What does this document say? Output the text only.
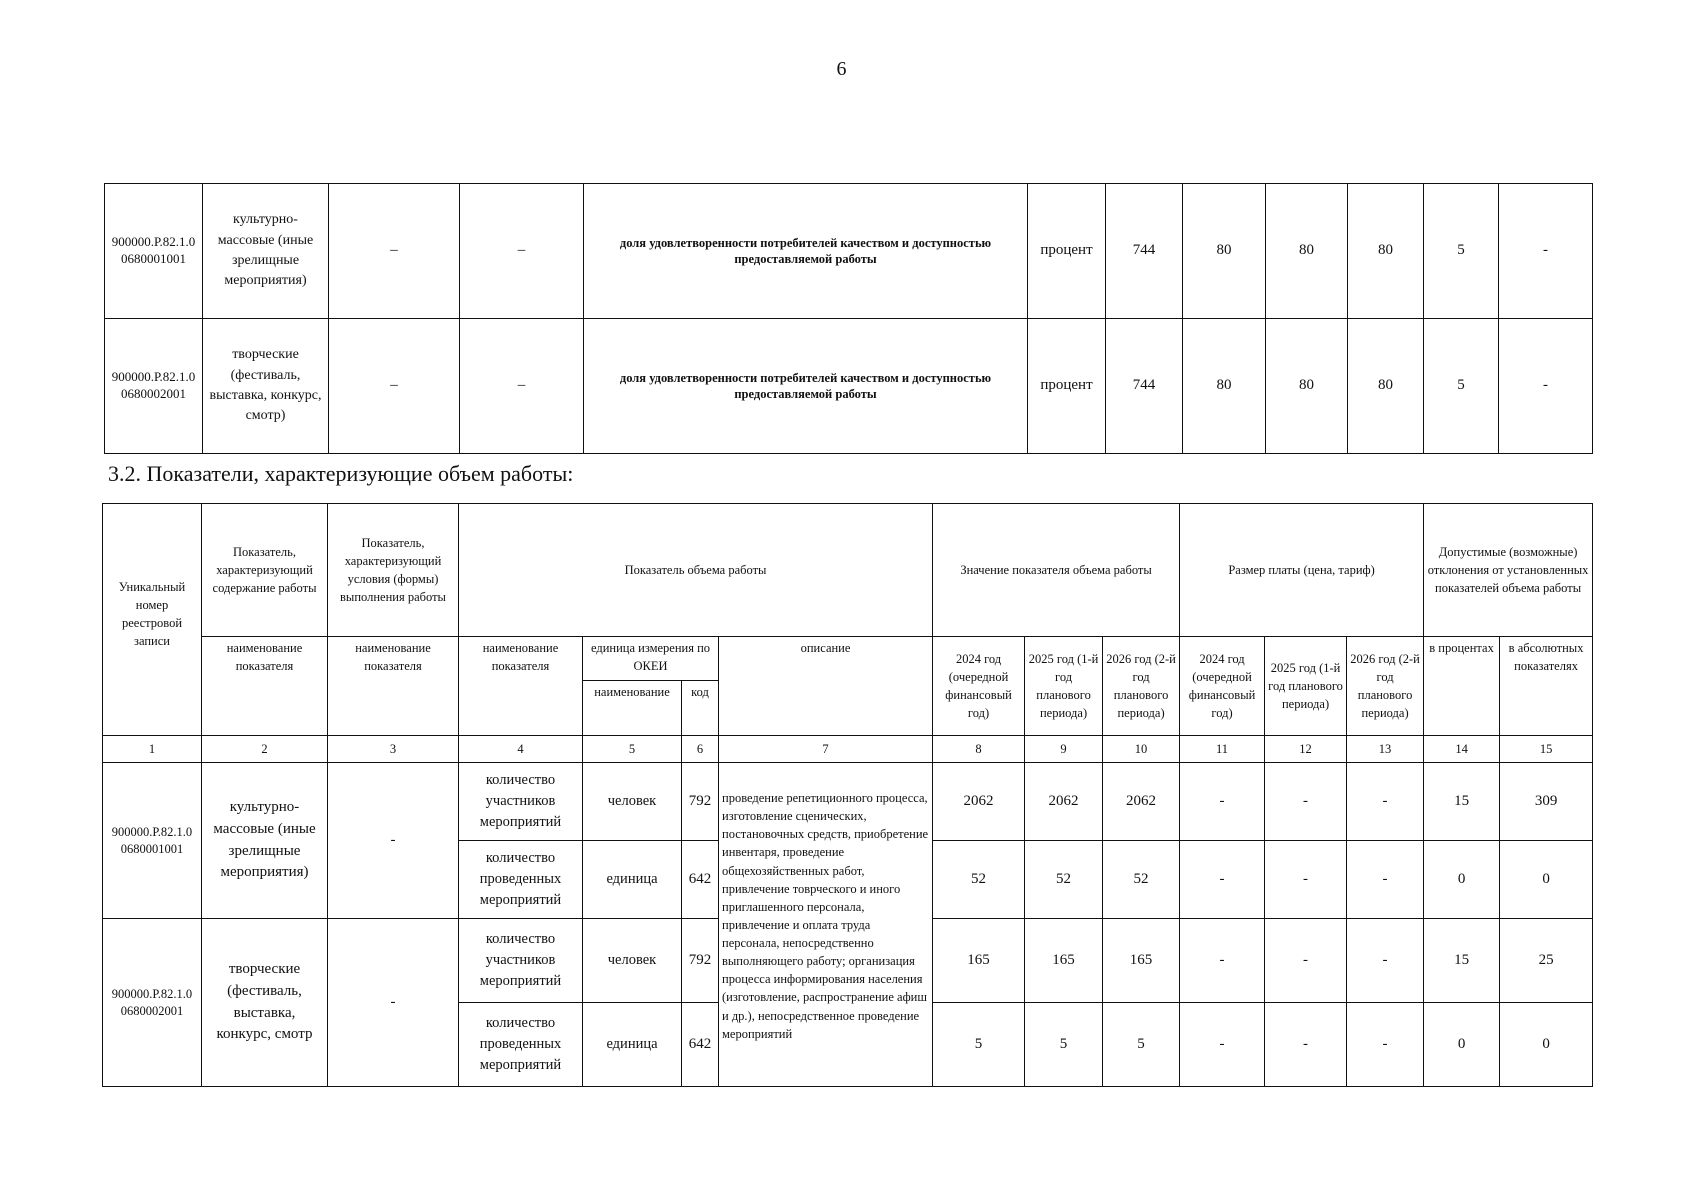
6
900000.Р.82.1.0 0680001001	культурно-массовые (иные зрелищные мероприятия)	–	–	доля удовлетворенности потребителей качеством и доступностью предоставляемой работы	процент	744	80	80	80	5	-
900000.Р.82.1.0 0680002001	творческие (фестиваль, выставка, конкурс, смотр)	–	–	доля удовлетворенности потребителей качеством и доступностью предоставляемой работы	процент	744	80	80	80	5	-
3.2. Показатели, характеризующие объем работы:
Уникальный номер реестровой записи	Показатель, характеризующий содержание работы	Показатель, характеризующий условия (формы) выполнения работы	Показатель объема работы				Значение показателя объема работы			Размер платы (цена, тариф)			Допустимые (возможные) отклонения от установленных показателей объема работы	
	наименование показателя	наименование показателя	наименование показателя	единица измерения по ОКЕИ		описание	2024 год (очередной финансовый год)	2025 год (1-й год планового периода)	2026 год (2-й год планового периода)	2024 год (очередной финансовый год)	2025 год (1-й год планового периода)	2026 год (2-й год планового периода)	в процентах	в абсолютных показателях
				наименование	код									
1	2	3	4	5	6	7	8	9	10	11	12	13	14	15
900000.Р.82.1.0 0680001001	культурно-массовые (иные зрелищные мероприятия)	-	количество участников мероприятий	человек	792	проведение репетиционного процесса, изготовление сценических, постановочных средств, приобретение инвентаря, проведение общехозяйственных работ, привлечение товрческого и иного приглашенного персонала, привлечение и оплата труда персонала, непосредственно выполняющего работу; организация процесса информирования населения (изготовление, распространение афиш и др.), непосредственное проведение мероприятий	2062	2062	2062	-	-	-	15	309
			количество проведенных мероприятий	единица	642		52	52	52	-	-	-	0	0
900000.Р.82.1.0 0680002001	творческие (фестиваль, выставка, конкурс, смотр	-	количество участников мероприятий	человек	792		165	165	165	-	-	-	15	25
			количество проведенных мероприятий	единица	642		5	5	5	-	-	-	0	0
